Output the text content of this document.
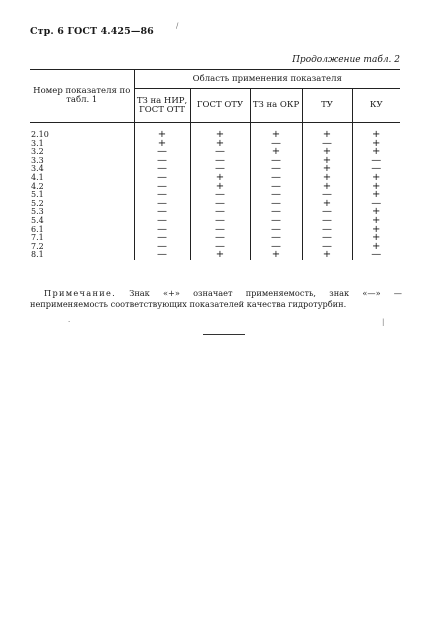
Стр. 6 ГОСТ 4.425—86
Продолжение табл. 2
Номер показателя по табл. 1	Область применения показателя				
	ТЗ на НИР, ГОСТ ОТТ	ГОСТ ОТУ	ТЗ на ОКР	ТУ	КУ

2.10	+	+	+	+	+
3.1	+	+	—	—	+
3.2	—	—	+	+	+
3.3	—	—	—	+	—
3.4	—	—	—	+	—
4.1	—	+	—	+	+
4.2	—	+	—	+	+
5.1	—	—	—	—	+
5.2	—	—	—	+	—
5.3	—	—	—	—	+
5.4	—	—	—	—	+
6.1	—	—	—	—	+
7.1	—	—	—	—	+
7.2	—	—	—	—	+
8.1	—	+	+	+	—
Примечание. Знак «+» означает применяемость, знак «—» — неприменяемость соответствующих показателей качества гидротурбин.
/
|
·
